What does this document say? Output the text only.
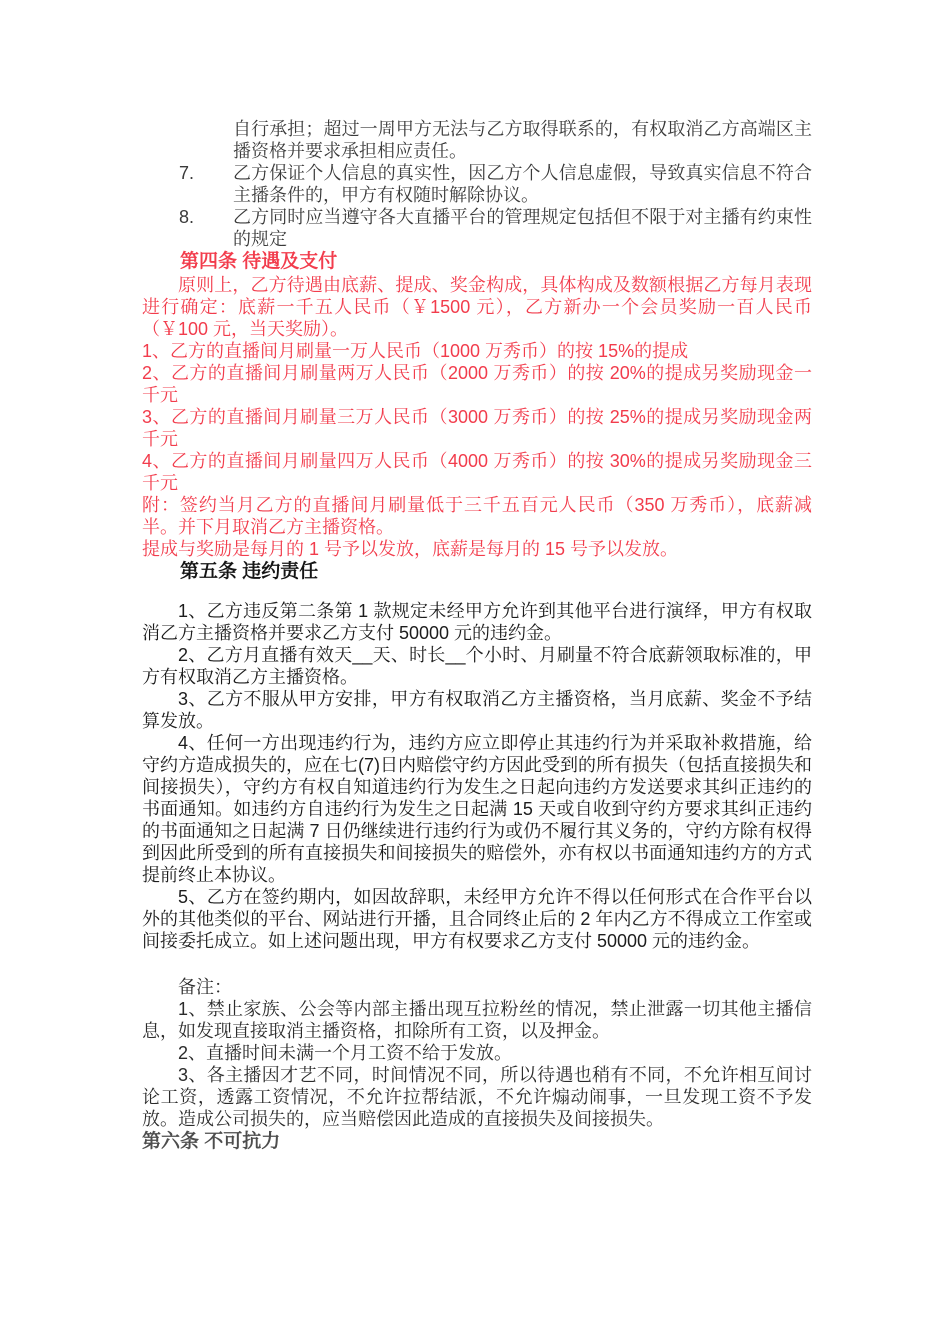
自行承担；超过一周甲方无法与乙方取得联系的，有权取消乙方高端区主播资格并要求承担相应责任。

7. 乙方保证个人信息的真实性，因乙方个人信息虚假，导致真实信息不符合主播条件的，甲方有权随时解除协议。

8. 乙方同时应当遵守各大直播平台的管理规定包括但不限于对主播有约束性的规定

第四条 待遇及支付

原则上，乙方待遇由底薪、提成、奖金构成，具体构成及数额根据乙方每月表现进行确定：底薪一千五人民币（￥1500 元），乙方新办一个会员奖励一百人民币（￥100 元，当天奖励）。

1、乙方的直播间月刷量一万人民币（1000 万秀币）的按 15%的提成

2、乙方的直播间月刷量两万人民币（2000 万秀币）的按 20%的提成另奖励现金一千元

3、乙方的直播间月刷量三万人民币（3000 万秀币）的按 25%的提成另奖励现金两千元

4、乙方的直播间月刷量四万人民币（4000 万秀币）的按 30%的提成另奖励现金三千元

附：签约当月乙方的直播间月刷量低于三千五百元人民币（350 万秀币），底薪减半。并下月取消乙方主播资格。

提成与奖励是每月的 1 号予以发放，底薪是每月的 15 号予以发放。

第五条 违约责任

1、乙方违反第二条第 1 款规定未经甲方允许到其他平台进行演绎，甲方有权取消乙方主播资格并要求乙方支付 50000 元的违约金。

2、乙方月直播有效天__天、时长__个小时、月刷量不符合底薪领取标准的，甲方有权取消乙方主播资格。

3、乙方不服从甲方安排，甲方有权取消乙方主播资格，当月底薪、奖金不予结算发放。

4、任何一方出现违约行为，违约方应立即停止其违约行为并采取补救措施，给守约方造成损失的，应在七(7)日内赔偿守约方因此受到的所有损失（包括直接损失和间接损失），守约方有权自知道违约行为发生之日起向违约方发送要求其纠正违约的书面通知。如违约方自违约行为发生之日起满 15 天或自收到守约方要求其纠正违约的书面通知之日起满 7 日仍继续进行违约行为或仍不履行其义务的，守约方除有权得到因此所受到的所有直接损失和间接损失的赔偿外，亦有权以书面通知违约方的方式提前终止本协议。

5、乙方在签约期内，如因故辞职，未经甲方允许不得以任何形式在合作平台以外的其他类似的平台、网站进行开播，且合同终止后的 2 年内乙方不得成立工作室或间接委托成立。如上述问题出现，甲方有权要求乙方支付 50000 元的违约金。

备注：

1、禁止家族、公会等内部主播出现互拉粉丝的情况，禁止泄露一切其他主播信息，如发现直接取消主播资格，扣除所有工资，以及押金。

2、直播时间未满一个月工资不给于发放。

3、各主播因才艺不同，时间情况不同，所以待遇也稍有不同，不允许相互间讨论工资，透露工资情况，不允许拉帮结派，不允许煽动闹事，一旦发现工资不予发放。造成公司损失的，应当赔偿因此造成的直接损失及间接损失。

第六条 不可抗力
